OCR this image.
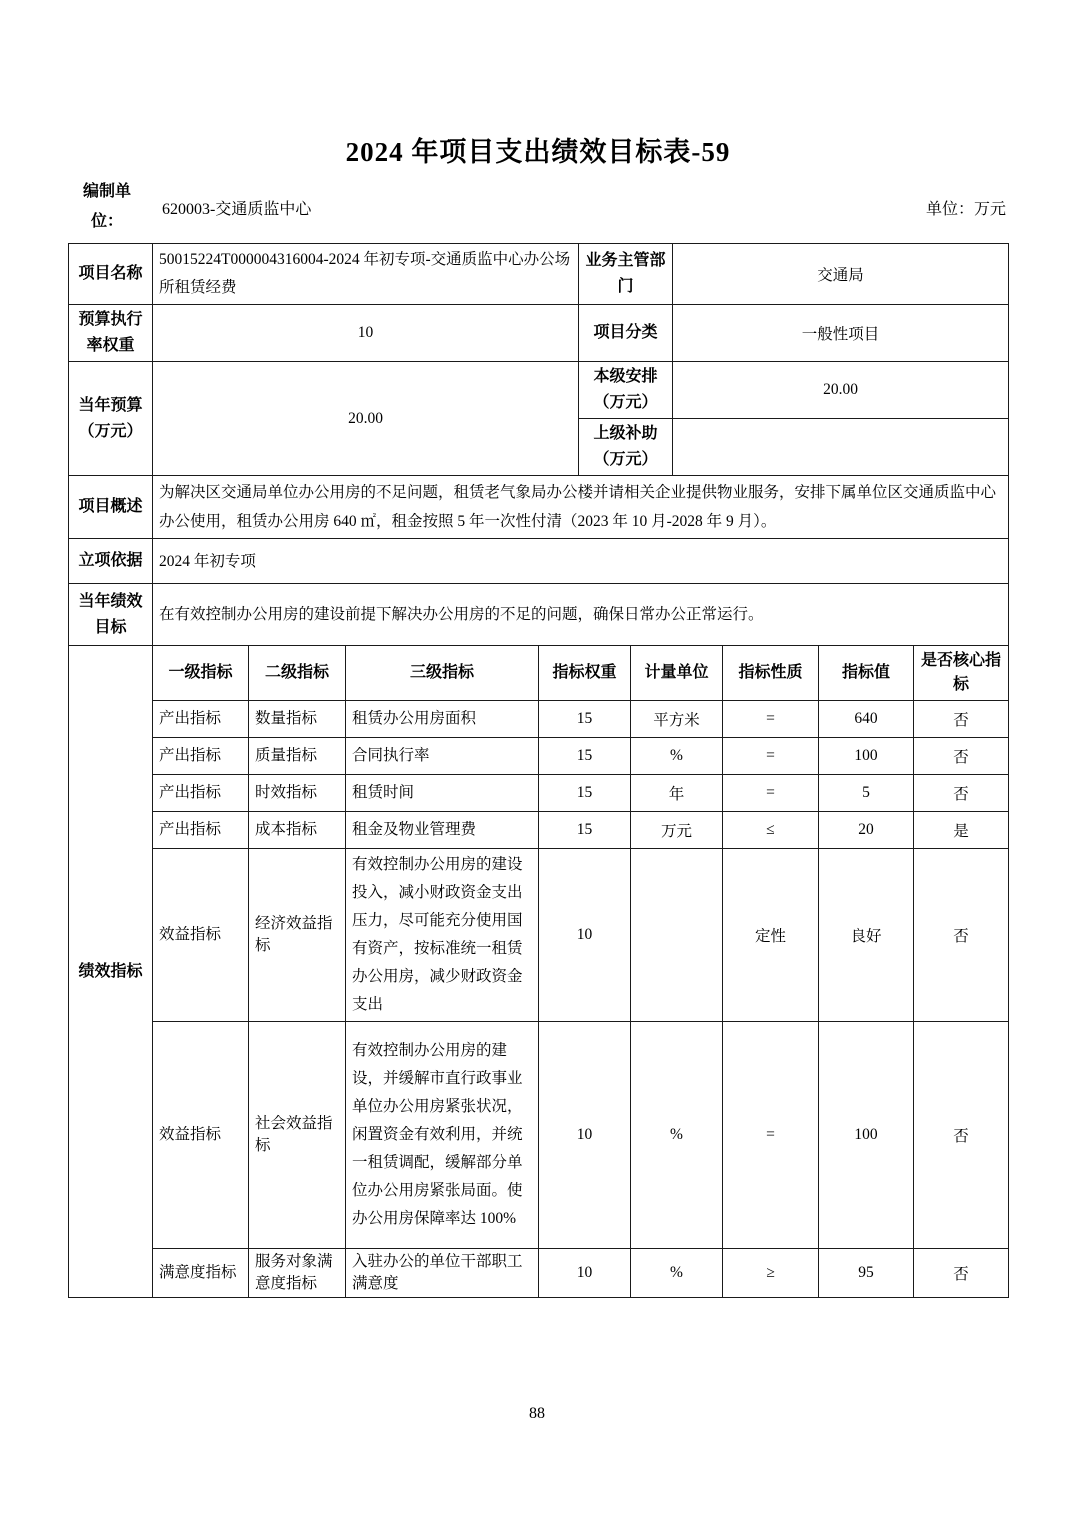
2024 年项目支出绩效目标表-59
编制单位：
620003-交通质监中心	单位：万元
项目名称	50015224T000004316004-2024 年初专项-交通质监中心办公场所租赁经费	业务主管部门	交通局
预算执行率权重	10	项目分类	一般性项目
当年预算（万元）	20.00	本级安排（万元）	20.00
		上级补助（万元）	
项目概述	为解决区交通局单位办公用房的不足问题，租赁老气象局办公楼并请相关企业提供物业服务，安排下属单位区交通质监中心办公使用，租赁办公用房 640 ㎡，租金按照 5 年一次性付清（2023 年 10 月-2028 年 9 月）。		
立项依据	2024 年初专项		
当年绩效目标	在有效控制办公用房的建设前提下解决办公用房的不足的问题，确保日常办公正常运行。		
绩效指标	一级指标	二级指标	三级指标	指标权重	计量单位	指标性质	指标值	是否核心指标
	产出指标	数量指标	租赁办公用房面积	15	平方米	=	640	否
	产出指标	质量指标	合同执行率	15	%	=	100	否
	产出指标	时效指标	租赁时间	15	年	=	5	否
	产出指标	成本指标	租金及物业管理费	15	万元	≤	20	是
	效益指标	经济效益指标	有效控制办公用房的建设投入，减小财政资金支出压力，尽可能充分使用国有资产，按标准统一租赁办公用房，减少财政资金支出	10		定性	良好	否
	效益指标	社会效益指标	有效控制办公用房的建设，并缓解市直行政事业单位办公用房紧张状况，闲置资金有效利用，并统一租赁调配，缓解部分单位办公用房紧张局面。使办公用房保障率达 100%	10	%	=	100	否
	满意度指标	服务对象满意度指标	入驻办公的单位干部职工满意度	10	%	≥	95	否
88
